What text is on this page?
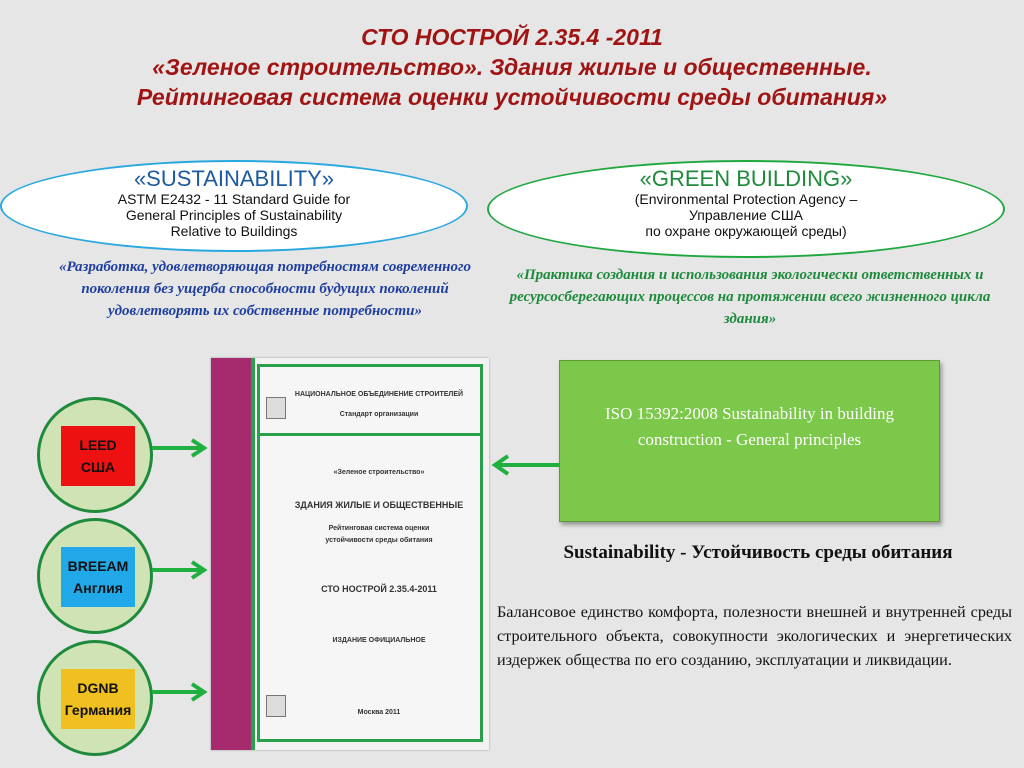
СТО НОСТРОЙ 2.35.4 -2011
«Зеленое строительство». Здания жилые и общественные.
Рейтинговая система оценки устойчивости среды обитания»
«SUSTAINABILITY»
ASTM E2432 - 11 Standard Guide for
General Principles of Sustainability
Relative to Buildings
«GREEN BUILDING»
(Environmental Protection Agency –
Управление США
по охране окружающей среды)
«Разработка, удовлетворяющая потребностям современного поколения без ущерба способности будущих поколений удовлетворять их собственные потребности»
«Практика создания и использования экологически ответственных и ресурсосберегающих процессов на протяжении всего жизненного цикла здания»
LEED
США
BREEAM
Англия
DGNB
Германия
НАЦИОНАЛЬНОЕ ОБЪЕДИНЕНИЕ СТРОИТЕЛЕЙ
Стандарт организации
«Зеленое строительство»
ЗДАНИЯ ЖИЛЫЕ И ОБЩЕСТВЕННЫЕ
Рейтинговая система оценки
устойчивости среды обитания
СТО НОСТРОЙ 2.35.4-2011
ИЗДАНИЕ ОФИЦИАЛЬНОЕ
Москва 2011
ISO 15392:2008 Sustainability in building construction - General principles
Sustainability - Устойчивость среды обитания
Балансовое единство комфорта, полезности внешней и внутренней среды строительного объекта, совокупности экологических и энергетических издержек общества по его созданию, эксплуатации и ликвидации.
